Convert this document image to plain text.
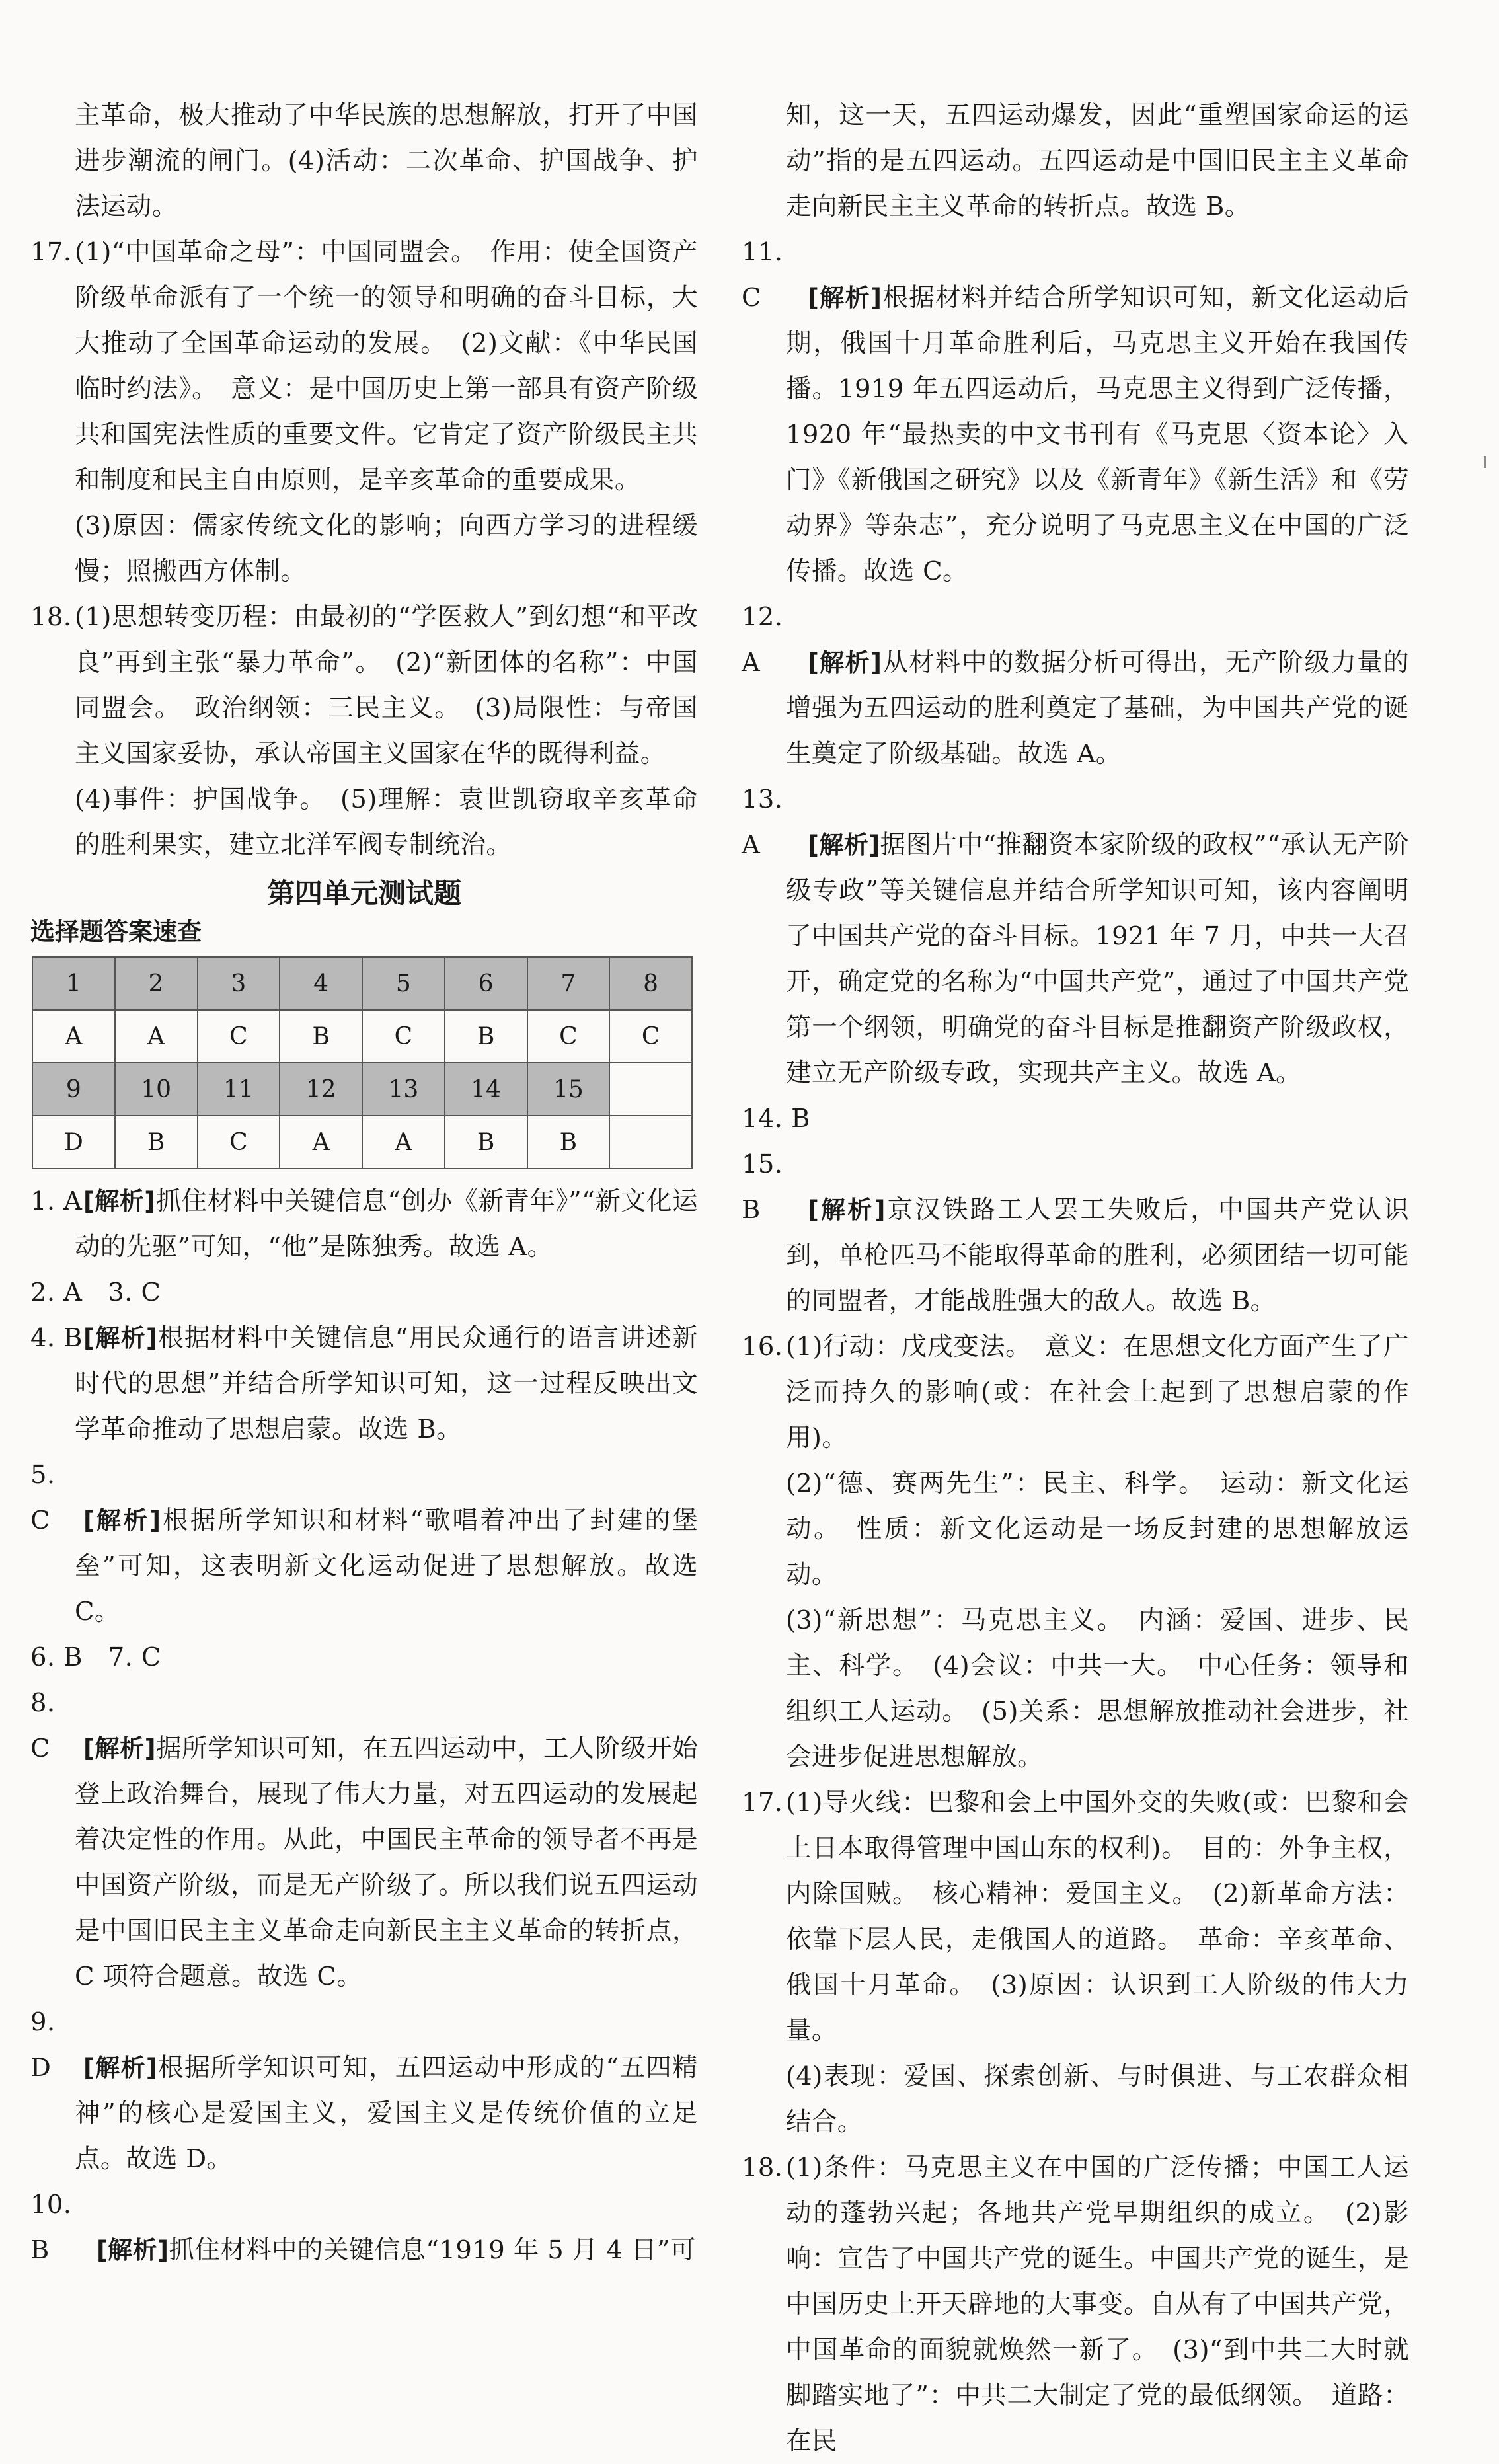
主革命，极大推动了中华民族的思想解放，打开了中国进步潮流的闸门。(4)活动：二次革命、护国战争、护法运动。

17. (1)“中国革命之母”：中国同盟会。　作用：使全国资产阶级革命派有了一个统一的领导和明确的奋斗目标，大大推动了全国革命运动的发展。　(2)文献：《中华民国临时约法》。　意义：是中国历史上第一部具有资产阶级共和国宪法性质的重要文件。它肯定了资产阶级民主共和制度和民主自由原则，是辛亥革命的重要成果。

(3)原因：儒家传统文化的影响；向西方学习的进程缓慢；照搬西方体制。

18. (1)思想转变历程：由最初的“学医救人”到幻想“和平改良”再到主张“暴力革命”。　(2)“新团体的名称”：中国同盟会。　政治纲领：三民主义。　(3)局限性：与帝国主义国家妥协，承认帝国主义国家在华的既得利益。

(4)事件：护国战争。　(5)理解：袁世凯窃取辛亥革命的胜利果实，建立北洋军阀专制统治。

第四单元测试题
选择题答案速查
1	2	3	4	5	6	7	8
A	A	C	B	C	B	C	C
9	10	11	12	13	14	15	
D	B	C	A	A	B	B	

1. A[解析]抓住材料中关键信息“创办《新青年》”“新文化运动的先驱”可知，“他”是陈独秀。故选 A。

2. A　3. C

4. B[解析]根据材料中关键信息“用民众通行的语言讲述新时代的思想”并结合所学知识可知，这一过程反映出文学革命推动了思想启蒙。故选 B。

5. C [解析]根据所学知识和材料“歌唱着冲出了封建的堡垒”可知，这表明新文化运动促进了思想解放。故选 C。

6. B　7. C

8. C [解析]据所学知识可知，在五四运动中，工人阶级开始登上政治舞台，展现了伟大力量，对五四运动的发展起着决定性的作用。从此，中国民主革命的领导者不再是中国资产阶级，而是无产阶级了。所以我们说五四运动是中国旧民主主义革命走向新民主主义革命的转折点，C 项符合题意。故选 C。

9. D [解析]根据所学知识可知，五四运动中形成的“五四精神”的核心是爱国主义，爱国主义是传统价值的立足点。故选 D。

10. B [解析]抓住材料中的关键信息“1919 年 5 月 4 日”可

知，这一天，五四运动爆发，因此“重塑国家命运的运动”指的是五四运动。五四运动是中国旧民主主义革命走向新民主主义革命的转折点。故选 B。

11. C [解析]根据材料并结合所学知识可知，新文化运动后期，俄国十月革命胜利后，马克思主义开始在我国传播。1919 年五四运动后，马克思主义得到广泛传播，1920 年“最热卖的中文书刊有《马克思〈资本论〉入门》《新俄国之研究》以及《新青年》《新生活》和《劳动界》等杂志”，充分说明了马克思主义在中国的广泛传播。故选 C。

12. A [解析]从材料中的数据分析可得出，无产阶级力量的增强为五四运动的胜利奠定了基础，为中国共产党的诞生奠定了阶级基础。故选 A。

13. A [解析]据图片中“推翻资本家阶级的政权”“承认无产阶级专政”等关键信息并结合所学知识可知，该内容阐明了中国共产党的奋斗目标。1921 年 7 月，中共一大召开，确定党的名称为“中国共产党”，通过了中国共产党第一个纲领，明确党的奋斗目标是推翻资产阶级政权，建立无产阶级专政，实现共产主义。故选 A。

14. B

15. B [解析]京汉铁路工人罢工失败后，中国共产党认识到，单枪匹马不能取得革命的胜利，必须团结一切可能的同盟者，才能战胜强大的敌人。故选 B。

16. (1)行动：戊戌变法。　意义：在思想文化方面产生了广泛而持久的影响(或：在社会上起到了思想启蒙的作用)。

(2)“德、赛两先生”：民主、科学。　运动：新文化运动。　性质：新文化运动是一场反封建的思想解放运动。

(3)“新思想”：马克思主义。　内涵：爱国、进步、民主、科学。　(4)会议：中共一大。　中心任务：领导和组织工人运动。　(5)关系：思想解放推动社会进步，社会进步促进思想解放。

17. (1)导火线：巴黎和会上中国外交的失败(或：巴黎和会上日本取得管理中国山东的权利)。　目的：外争主权，内除国贼。　核心精神：爱国主义。　(2)新革命方法：依靠下层人民，走俄国人的道路。　革命：辛亥革命、俄国十月革命。　(3)原因：认识到工人阶级的伟大力量。

(4)表现：爱国、探索创新、与时俱进、与工农群众相结合。

18. (1)条件：马克思主义在中国的广泛传播；中国工人运动的蓬勃兴起；各地共产党早期组织的成立。　(2)影响：宣告了中国共产党的诞生。中国共产党的诞生，是中国历史上开天辟地的大事变。自从有了中国共产党，中国革命的面貌就焕然一新了。　(3)“到中共二大时就脚踏实地了”：中共二大制定了党的最低纲领。　道路：在民
